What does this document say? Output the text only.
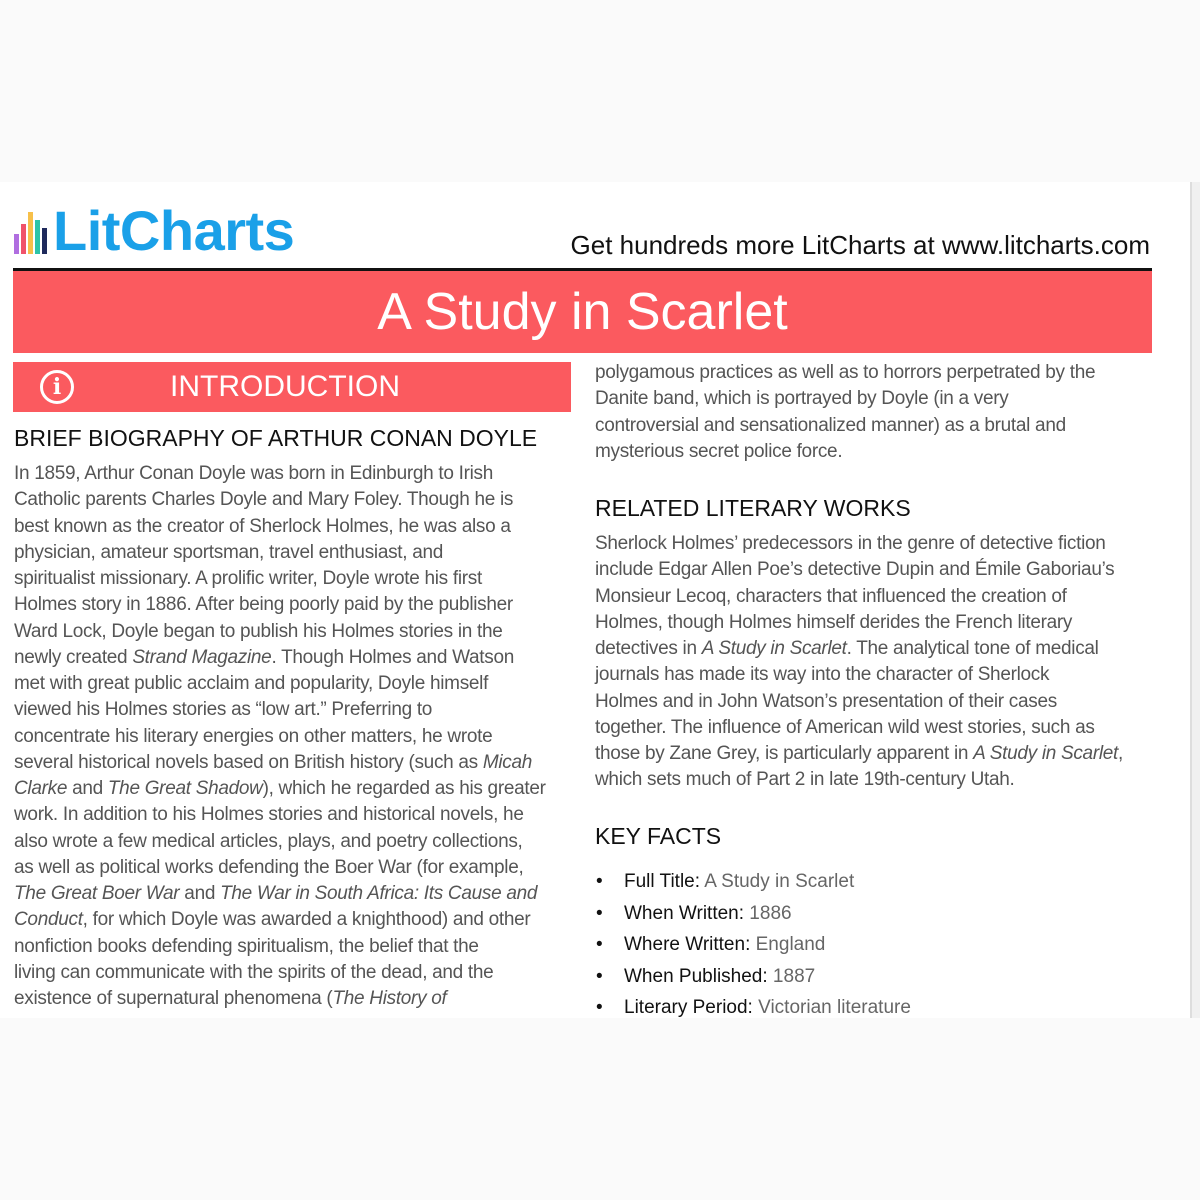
LitCharts	Get hundreds more LitCharts at www.litcharts.com
A Study in Scarlet
i	INTRODUCTION
BRIEF BIOGRAPHY OF ARTHUR CONAN DOYLE
In 1859, Arthur Conan Doyle was born in Edinburgh to Irish
Catholic parents Charles Doyle and Mary Foley. Though he is
best known as the creator of Sherlock Holmes, he was also a
physician, amateur sportsman, travel enthusiast, and
spiritualist missionary. A prolific writer, Doyle wrote his first
Holmes story in 1886. After being poorly paid by the publisher
Ward Lock, Doyle began to publish his Holmes stories in the
newly created Strand Magazine. Though Holmes and Watson
met with great public acclaim and popularity, Doyle himself
viewed his Holmes stories as “low art.” Preferring to
concentrate his literary energies on other matters, he wrote
several historical novels based on British history (such as Micah
Clarke and The Great Shadow), which he regarded as his greater
work. In addition to his Holmes stories and historical novels, he
also wrote a few medical articles, plays, and poetry collections,
as well as political works defending the Boer War (for example,
The Great Boer War and The War in South Africa: Its Cause and
Conduct, for which Doyle was awarded a knighthood) and other
nonfiction books defending spiritualism, the belief that the
living can communicate with the spirits of the dead, and the
existence of supernatural phenomena (The History of
polygamous practices as well as to horrors perpetrated by the
Danite band, which is portrayed by Doyle (in a very
controversial and sensationalized manner) as a brutal and
mysterious secret police force.
RELATED LITERARY WORKS
Sherlock Holmes’ predecessors in the genre of detective fiction
include Edgar Allen Poe’s detective Dupin and Émile Gaboriau’s
Monsieur Lecoq, characters that influenced the creation of
Holmes, though Holmes himself derides the French literary
detectives in A Study in Scarlet. The analytical tone of medical
journals has made its way into the character of Sherlock
Holmes and in John Watson’s presentation of their cases
together. The influence of American wild west stories, such as
those by Zane Grey, is particularly apparent in A Study in Scarlet,
which sets much of Part 2 in late 19th-century Utah.
KEY FACTS
• Full Title: A Study in Scarlet
• When Written: 1886
• Where Written: England
• When Published: 1887
• Literary Period: Victorian literature
